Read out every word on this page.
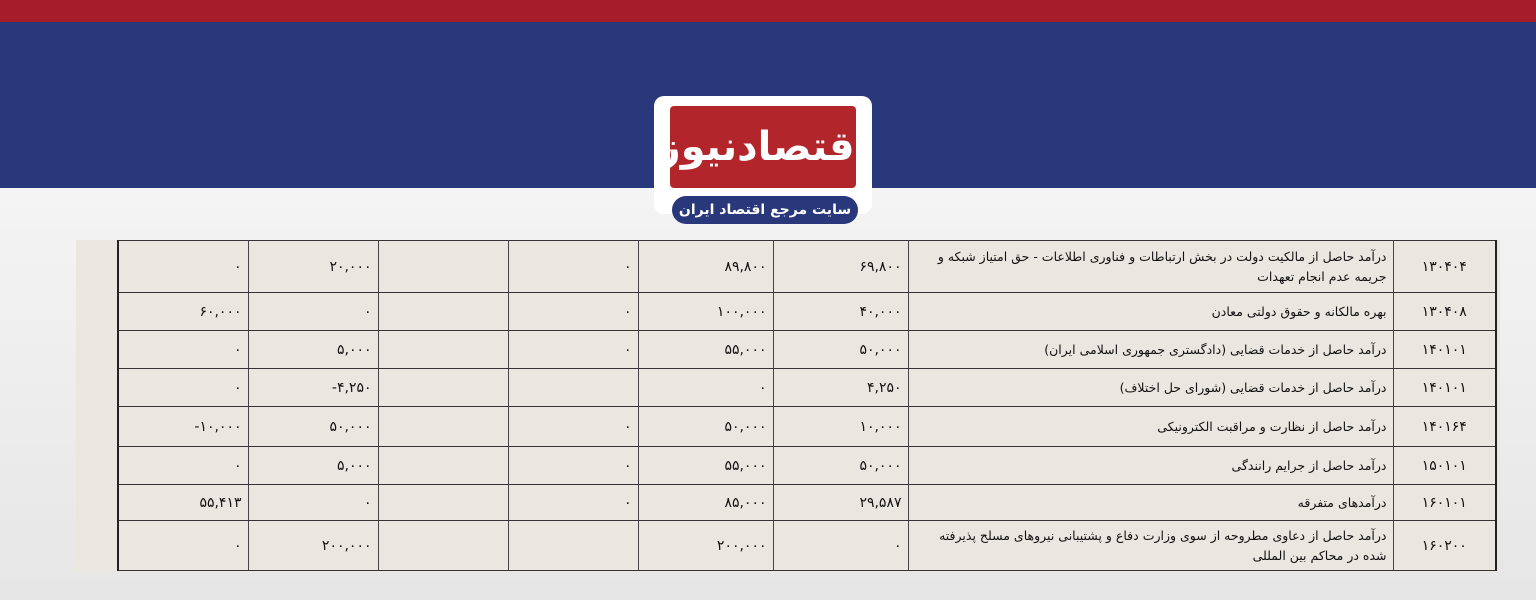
اقتصادنیوز
سایت مرجع اقتصاد ایران
۰	۲۰,۰۰۰		۰	۸۹,۸۰۰	۶۹,۸۰۰	درآمد حاصل از مالکیت دولت در بخش ارتباطات و فناوری اطلاعات - حق امتیاز شبکه و جریمه عدم انجام تعهدات	۱۳۰۴۰۴
۶۰,۰۰۰	۰		۰	۱۰۰,۰۰۰	۴۰,۰۰۰	بهره مالکانه و حقوق دولتی معادن	۱۳۰۴۰۸
۰	۵,۰۰۰		۰	۵۵,۰۰۰	۵۰,۰۰۰	درآمد حاصل از خدمات قضایی (دادگستری جمهوری اسلامی ایران)	۱۴۰۱۰۱
۰	-۴,۲۵۰			۰	۴,۲۵۰	درآمد حاصل از خدمات قضایی (شورای حل اختلاف)	۱۴۰۱۰۱
-۱۰,۰۰۰	۵۰,۰۰۰		۰	۵۰,۰۰۰	۱۰,۰۰۰	درآمد حاصل از نظارت و مراقبت الکترونیکی	۱۴۰۱۶۴
۰	۵,۰۰۰		۰	۵۵,۰۰۰	۵۰,۰۰۰	درآمد حاصل از جرایم رانندگی	۱۵۰۱۰۱
۵۵,۴۱۳	۰		۰	۸۵,۰۰۰	۲۹,۵۸۷	درآمدهای متفرقه	۱۶۰۱۰۱
۰	۲۰۰,۰۰۰			۲۰۰,۰۰۰	۰	درآمد حاصل از دعاوی مطروحه از سوی وزارت دفاع و پشتیبانی نیروهای مسلح پذیرفته شده در محاکم بین المللی	۱۶۰۲۰۰
